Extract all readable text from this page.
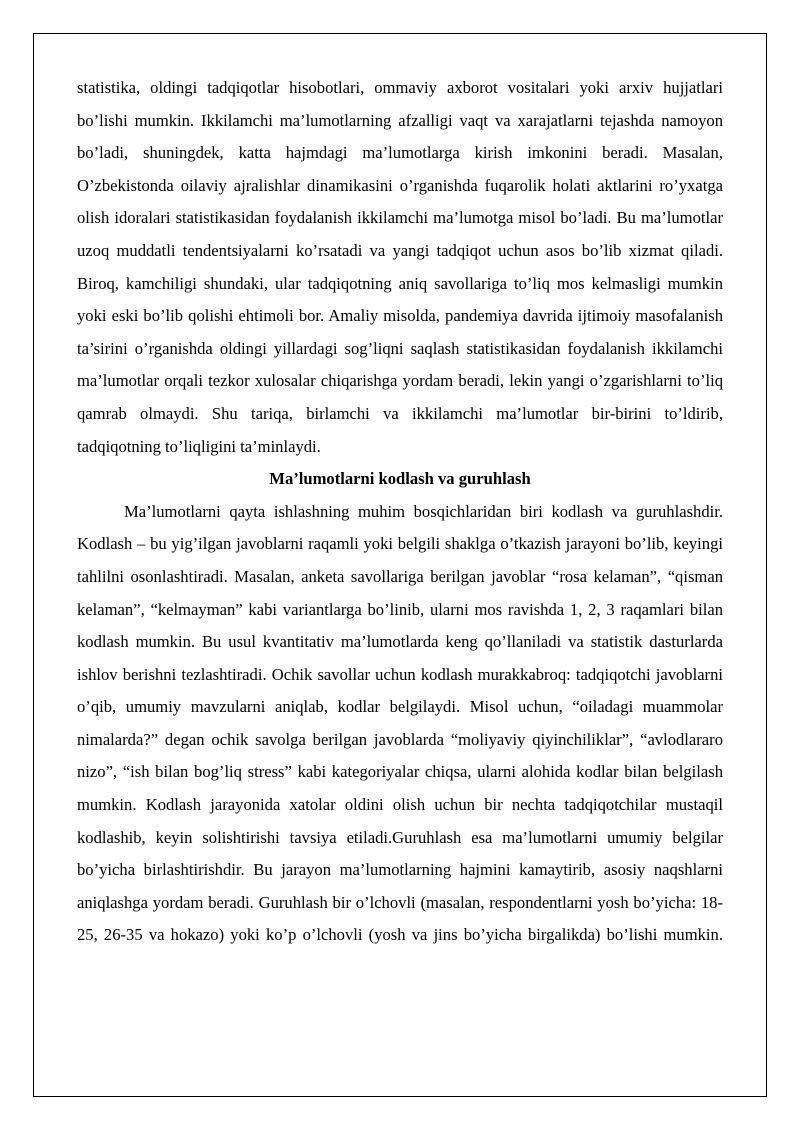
statistika, oldingi tadqiqotlar hisobotlari, ommaviy axborot vositalari yoki arxiv hujjatlari bo’lishi mumkin. Ikkilamchi ma’lumotlarning afzalligi vaqt va xarajatlarni tejashda namoyon bo’ladi, shuningdek, katta hajmdagi ma’lumotlarga kirish imkonini beradi. Masalan, O’zbekistonda oilaviy ajralishlar dinamikasini o’rganishda fuqarolik holati aktlarini ro’yxatga olish idoralari statistikasidan foydalanish ikkilamchi ma’lumotga misol bo’ladi. Bu ma’lumotlar uzoq muddatli tendentsiyalarni ko’rsatadi va yangi tadqiqot uchun asos bo’lib xizmat qiladi. Biroq, kamchiligi shundaki, ular tadqiqotning aniq savollariga to’liq mos kelmasligi mumkin yoki eski bo’lib qolishi ehtimoli bor. Amaliy misolda, pandemiya davrida ijtimoiy masofalanish ta’sirini o’rganishda oldingi yillardagi sog’liqni saqlash statistikasidan foydalanish ikkilamchi ma’lumotlar orqali tezkor xulosalar chiqarishga yordam beradi, lekin yangi o’zgarishlarni to’liq qamrab olmaydi. Shu tariqa, birlamchi va ikkilamchi ma’lumotlar bir-birini to’ldirib, tadqiqotning to’liqligini ta’minlaydi.

Ma’lumotlarni kodlash va guruhlash

Ma’lumotlarni qayta ishlashning muhim bosqichlaridan biri kodlash va guruhlashdir. Kodlash – bu yig’ilgan javoblarni raqamli yoki belgili shaklga o’tkazish jarayoni bo’lib, keyingi tahlilni osonlashtiradi. Masalan, anketa savollariga berilgan javoblar “rosa kelaman”, “qisman kelaman”, “kelmayman” kabi variantlarga bo’linib, ularni mos ravishda 1, 2, 3 raqamlari bilan kodlash mumkin. Bu usul kvantitativ ma’lumotlarda keng qo’llaniladi va statistik dasturlarda ishlov berishni tezlashtiradi. Ochik savollar uchun kodlash murakkabroq: tadqiqotchi javoblarni o’qib, umumiy mavzularni aniqlab, kodlar belgilaydi. Misol uchun, “oiladagi muammolar nimalarda?” degan ochik savolga berilgan javoblarda “moliyaviy qiyinchiliklar”, “avlodlararo nizo”, “ish bilan bog’liq stress” kabi kategoriyalar chiqsa, ularni alohida kodlar bilan belgilash mumkin. Kodlash jarayonida xatolar oldini olish uchun bir nechta tadqiqotchilar mustaqil kodlashib, keyin solishtirishi tavsiya etiladi.Guruhlash esa ma’lumotlarni umumiy belgilar bo’yicha birlashtirishdir. Bu jarayon ma’lumotlarning hajmini kamaytirib, asosiy naqshlarni aniqlashga yordam beradi. Guruhlash bir o’lchovli (masalan, respondentlarni yosh bo’yicha: 18-25, 26-35 va hokazo) yoki ko’p o’lchovli (yosh va jins bo’yicha birgalikda) bo’lishi mumkin.
